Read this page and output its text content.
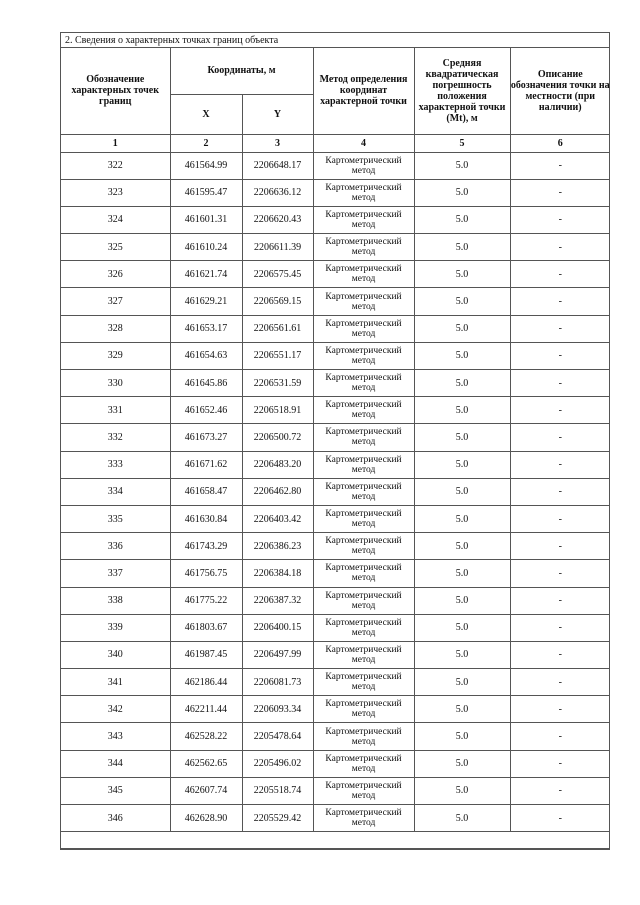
2. Сведения о характерных точках границ объекта
Обозначение характерных точек границ	Координаты, м		Метод определения координат характерной точки	Средняя квадратическая погрешность положения характерной точки (Mt), м	Описание обозначения точки на местности (при наличии)
	X	Y			
1	2	3	4	5	6
322	461564.99	2206648.17	Картометрический метод	5.0	-
323	461595.47	2206636.12	Картометрический метод	5.0	-
324	461601.31	2206620.43	Картометрический метод	5.0	-
325	461610.24	2206611.39	Картометрический метод	5.0	-
326	461621.74	2206575.45	Картометрический метод	5.0	-
327	461629.21	2206569.15	Картометрический метод	5.0	-
328	461653.17	2206561.61	Картометрический метод	5.0	-
329	461654.63	2206551.17	Картометрический метод	5.0	-
330	461645.86	2206531.59	Картометрический метод	5.0	-
331	461652.46	2206518.91	Картометрический метод	5.0	-
332	461673.27	2206500.72	Картометрический метод	5.0	-
333	461671.62	2206483.20	Картометрический метод	5.0	-
334	461658.47	2206462.80	Картометрический метод	5.0	-
335	461630.84	2206403.42	Картометрический метод	5.0	-
336	461743.29	2206386.23	Картометрический метод	5.0	-
337	461756.75	2206384.18	Картометрический метод	5.0	-
338	461775.22	2206387.32	Картометрический метод	5.0	-
339	461803.67	2206400.15	Картометрический метод	5.0	-
340	461987.45	2206497.99	Картометрический метод	5.0	-
341	462186.44	2206081.73	Картометрический метод	5.0	-
342	462211.44	2206093.34	Картометрический метод	5.0	-
343	462528.22	2205478.64	Картометрический метод	5.0	-
344	462562.65	2205496.02	Картометрический метод	5.0	-
345	462607.74	2205518.74	Картометрический метод	5.0	-
346	462628.90	2205529.42	Картометрический метод	5.0	-
